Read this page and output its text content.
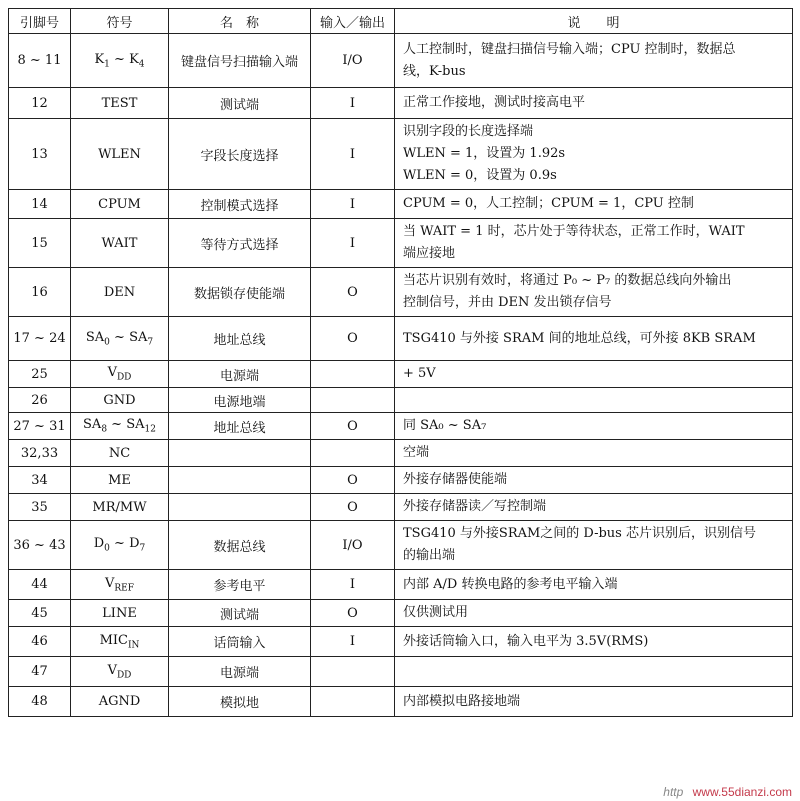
引脚号	符号	名　称	输入／输出	说　　明
8 ~ 11	$K_1$ ~ $K_4$	键盘信号扫描输入端	I/O	人工控制时，键盘扫描信号输入端；CPU 控制时，数据总
线，K-bus

12	TEST	测试端	I	正常工作接地，测试时接高电平

13	WLEN	字段长度选择	I	识别字段的长度选择端
WLEN = 1，设置为 1.92s
WLEN = 0，设置为 0.9s

14	CPUM	控制模式选择	I	CPUM = 0，人工控制；CPUM = 1，CPU 控制

15	WAIT	等待方式选择	I	当 WAIT = 1 时，芯片处于等待状态，正常工作时，WAIT
端应接地

16	DEN	数据锁存使能端	O	当芯片识别有效时，将通过 P₀ ~ P₇ 的数据总线向外输出
控制信号，并由 DEN 发出锁存信号

17 ~ 24	$SA_0$ ~ $SA_7$	地址总线	O	TSG410 与外接 SRAM 间的地址总线，可外接 8KB SRAM

25	$V_{DD}$	电源端		+ 5V

26	GND	电源地端		

27 ~ 31	$SA_8$ ~ $SA_{12}$	地址总线	O	同 SA₀ ~ SA₇

32,33	NC			空端

34	ME		O	外接存储器使能端

35	MR/MW		O	外接存储器读／写控制端

36 ~ 43	$D_0$ ~ $D_7$	数据总线	I/O	TSG410 与外接SRAM之间的 D-bus 芯片识别后，识别信号
的输出端

44	$V_{REF}$	参考电平	I	内部 A/D 转换电路的参考电平输入端

45	LINE	测试端	O	仅供测试用

46	$MIC_{IN}$	话筒输入	I	外接话筒输入口，输入电平为 3.5V(RMS)

47	$V_{DD}$	电源端		

48	AGND	模拟地		内部模拟电路接地端
http www.55dianzi.com
